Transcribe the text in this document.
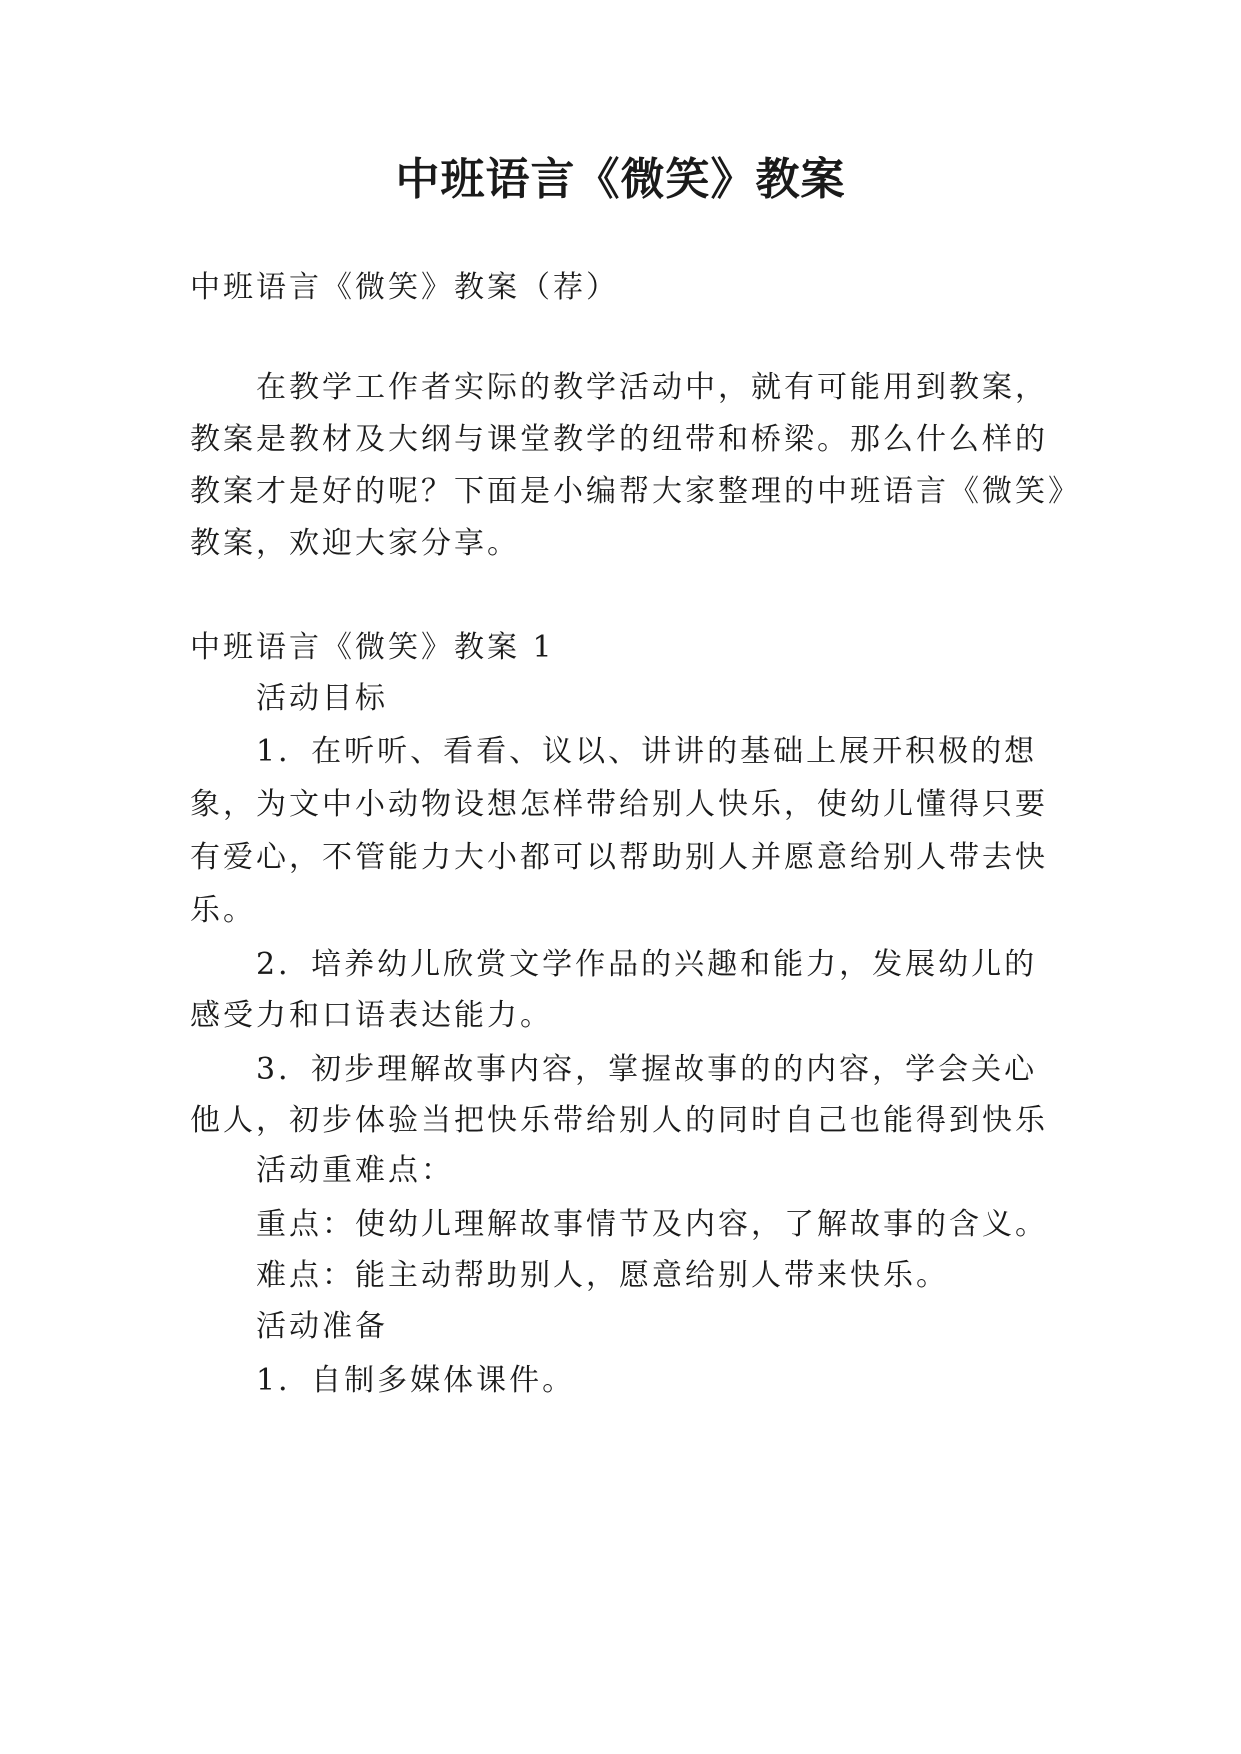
中班语言《微笑》教案
中班语言《微笑》教案（荐）
在教学工作者实际的教学活动中，就有可能用到教案，
教案是教材及大纲与课堂教学的纽带和桥梁。那么什么样的
教案才是好的呢？下面是小编帮大家整理的中班语言《微笑》
教案，欢迎大家分享。
中班语言《微笑》教案 1
活动目标
1．在听听、看看、议以、讲讲的基础上展开积极的想
象，为文中小动物设想怎样带给别人快乐，使幼儿懂得只要
有爱心，不管能力大小都可以帮助别人并愿意给别人带去快
乐。
2．培养幼儿欣赏文学作品的兴趣和能力，发展幼儿的
感受力和口语表达能力。
3．初步理解故事内容，掌握故事的的内容，学会关心
他人，初步体验当把快乐带给别人的同时自己也能得到快乐
活动重难点：
重点：使幼儿理解故事情节及内容，了解故事的含义。
难点：能主动帮助别人，愿意给别人带来快乐。
活动准备
1．自制多媒体课件。
